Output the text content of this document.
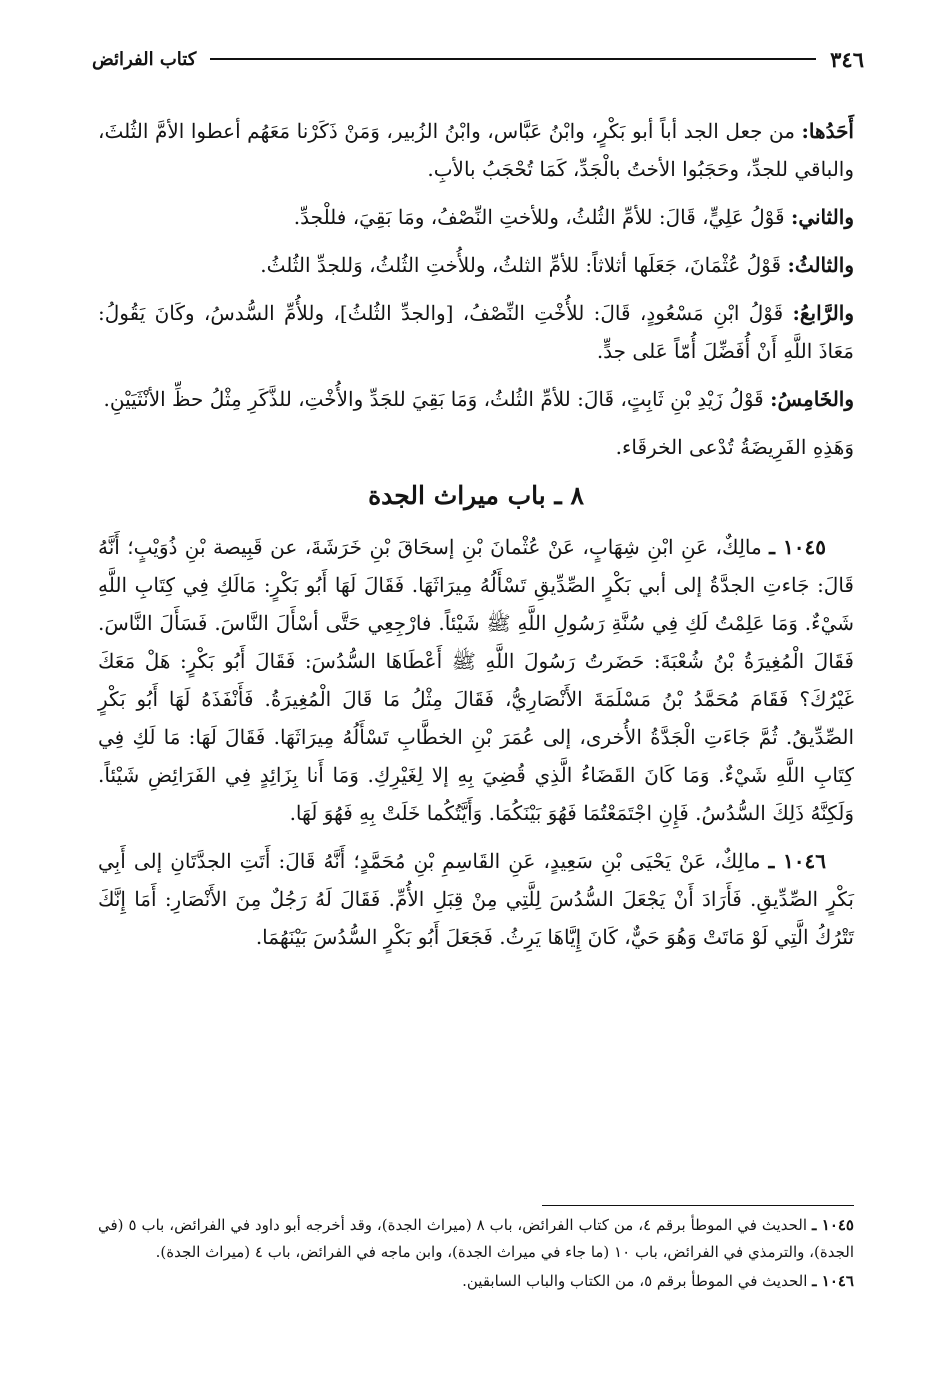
٣٤٦
كتاب الفرائض

أَحَدُها: من جعل الجد أباً أبو بَكْرٍ، وابْنُ عَبَّاس، وابْنُ الزُبير، وَمَنْ ذَكَرْنا مَعَهُم أعطوا الأمَّ الثُلثَ، والباقي للجدِّ، وحَجَبُوا الأختُ بالْجَدِّ، كَمَا تُحْجَبُ بالأبِ.

والثاني: قَوْلُ عَلِيٍّ، قَالَ: للأمِّ الثُلثُ، وللأختِ النِّصْفُ، ومَا بَقِيَ، فللْجدِّ.

والثالثُ: قَوْلُ عُثْمَانَ، جَعَلَها أثلاثاً: للأمِّ الثلثُ، وللأُختِ الثُلثُ، وَللجدِّ الثُلثُ.

والرَّابعُ: قَوْلُ ابْنِ مَسْعُودٍ، قَالَ: للأُخْتِ النِّصْفُ، [والجدِّ الثُلثُ]، وللأُمِّ السُّدسُ، وكَانَ يَقُولُ: مَعَاذَ اللَّهِ أَنْ أُفَضِّلَ أُمّاً عَلى جدٍّ.

والخَامِسُ: قَوْلُ زَيْدِ بْنِ ثَابِتٍ، قَالَ: للأمِّ الثُلثُ، وَمَا بَقِيَ للجَدِّ والأُخْتِ، للذَّكَرِ مِثْلُ حظِّ الأنْثَيَيْنِ.

وَهَذِهِ الفَرِيضَةُ تُدْعى الخرقَاء.

٨ ـ باب ميراث الجدة

١٠٤٥ ـ مالِكٌ، عَنِ ابْنِ شِهَابٍ، عَنْ عُثْمانَ بْنِ إسحَاقَ بْنِ خَرَشَةَ، عن قَبِيصة بْنِ ذُوَيْبٍ؛ أَنَّهُ قَالَ: جَاءتِ الجدَّةُ إلى أبي بَكْرٍ الصِّدِّيقِ تَسْأَلُهُ مِيرَاثَهَا. فَقَالَ لَهَا أَبُو بَكْرٍ: مَالَكِ فِي كِتَابِ اللَّهِ شَيْءٌ. وَمَا عَلِمْتُ لَكِ فِي سُنَّةِ رَسُولِ اللَّهِ ﷺ شَيْئاً. فارْجِعِي حَتَّى أسْأَلَ النَّاسَ. فَسَأَلَ النَّاسَ. فَقَالَ الْمُغِيرَةُ بْنُ شُعْبَةَ: حَضَرتُ رَسُولَ اللَّهِ ﷺ أَعْطَاهَا السُّدُسَ: فَقَالَ أَبُو بَكْرٍ: هَلْ مَعَكَ غَيْرُكَ؟ فَقَامَ مُحَمَّدُ بْنُ مَسْلَمَةَ الأَنْصَارِيُّ، فَقَالَ مِثْلُ مَا قَالَ الْمُغِيرَةُ. فَأَنْفَذَهُ لَهَا أَبُو بَكْرٍ الصِّدِّيقُ. ثُمَّ جَاءَتِ الْجَدَّةُ الأُخرى، إلى عُمَرَ بْنِ الخطَّابِ تَسْأَلُهُ مِيرَاثَهَا. فَقَالَ لَهَا: مَا لَكِ فِي كِتَابِ اللَّهِ شَيْءٌ. وَمَا كَانَ القَضَاءُ الَّذِي قُضِيَ بِهِ إلا لِغَيْرِكِ. وَمَا أَنا بِزَائِدٍ فِي الفَرَائِضِ شَيْئاً. وَلَكِنَّهُ ذَلِكَ السُّدُسُ. فَإِنِ اجْتَمَعْتُمَا فَهُوَ بَيْنَكُمَا. وَأَيَّتُكُما خَلَتْ بِهِ فَهُوَ لَهَا.

١٠٤٦ ـ مالِكٌ، عَنْ يَحْيَى بْنِ سَعِيدٍ، عَنِ القَاسِمِ بْنِ مُحَمَّدٍ؛ أَنَّهُ قَالَ: أَتَتِ الجدَّتَانِ إلى أَبِي بَكْرٍ الصِّدِّيقِ. فَأَرَادَ أَنْ يَجْعَلَ السُّدُسَ لِلَّتِي مِنْ قِبَلِ الأُمِّ. فَقَالَ لَهُ رَجُلٌ مِنَ الأَنْصَارِ: أَمَا إِنَّكَ تَتْرُكُ الَّتِي لَوْ مَاتَتْ وَهُوَ حَيٌّ، كَانَ إِيَّاهَا يَرِثُ. فَجَعَلَ أَبُو بَكْرٍ السُّدُسَ بَيْنَهُمَا.

١٠٤٥ ـ الحديث في الموطأ برقم ٤، من كتاب الفرائض، باب ٨ (ميراث الجدة)، وقد أخرجه أبو داود في الفرائض، باب ٥ (في الجدة)، والترمذي في الفرائض، باب ١٠ (ما جاء في ميراث الجدة)، وابن ماجه في الفرائض، باب ٤ (ميراث الجدة).

١٠٤٦ ـ الحديث في الموطأ برقم ٥، من الكتاب والباب السابقين.
